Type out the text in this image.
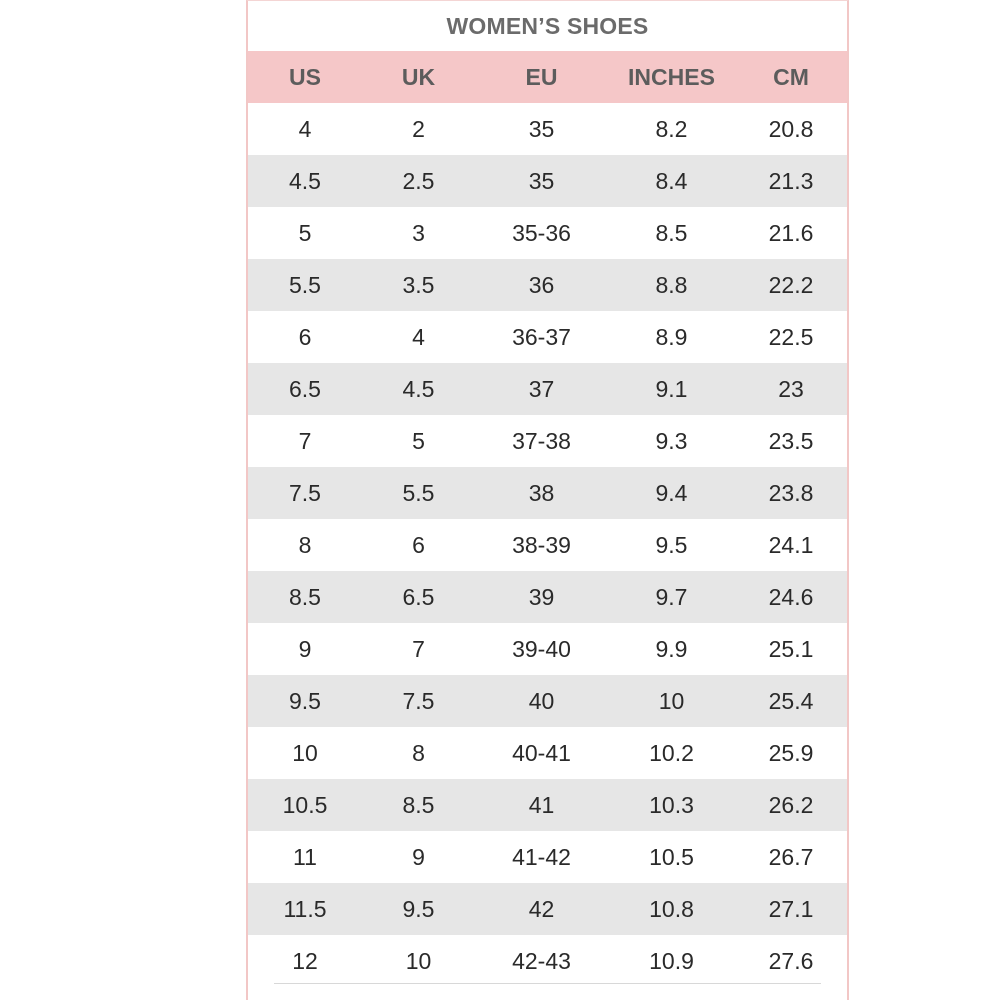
WOMEN’S SHOES
US	UK	EU	INCHES	CM
4	2	35	8.2	20.8
4.5	2.5	35	8.4	21.3
5	3	35-36	8.5	21.6
5.5	3.5	36	8.8	22.2
6	4	36-37	8.9	22.5
6.5	4.5	37	9.1	23
7	5	37-38	9.3	23.5
7.5	5.5	38	9.4	23.8
8	6	38-39	9.5	24.1
8.5	6.5	39	9.7	24.6
9	7	39-40	9.9	25.1
9.5	7.5	40	10	25.4
10	8	40-41	10.2	25.9
10.5	8.5	41	10.3	26.2
11	9	41-42	10.5	26.7
11.5	9.5	42	10.8	27.1
12	10	42-43	10.9	27.6
